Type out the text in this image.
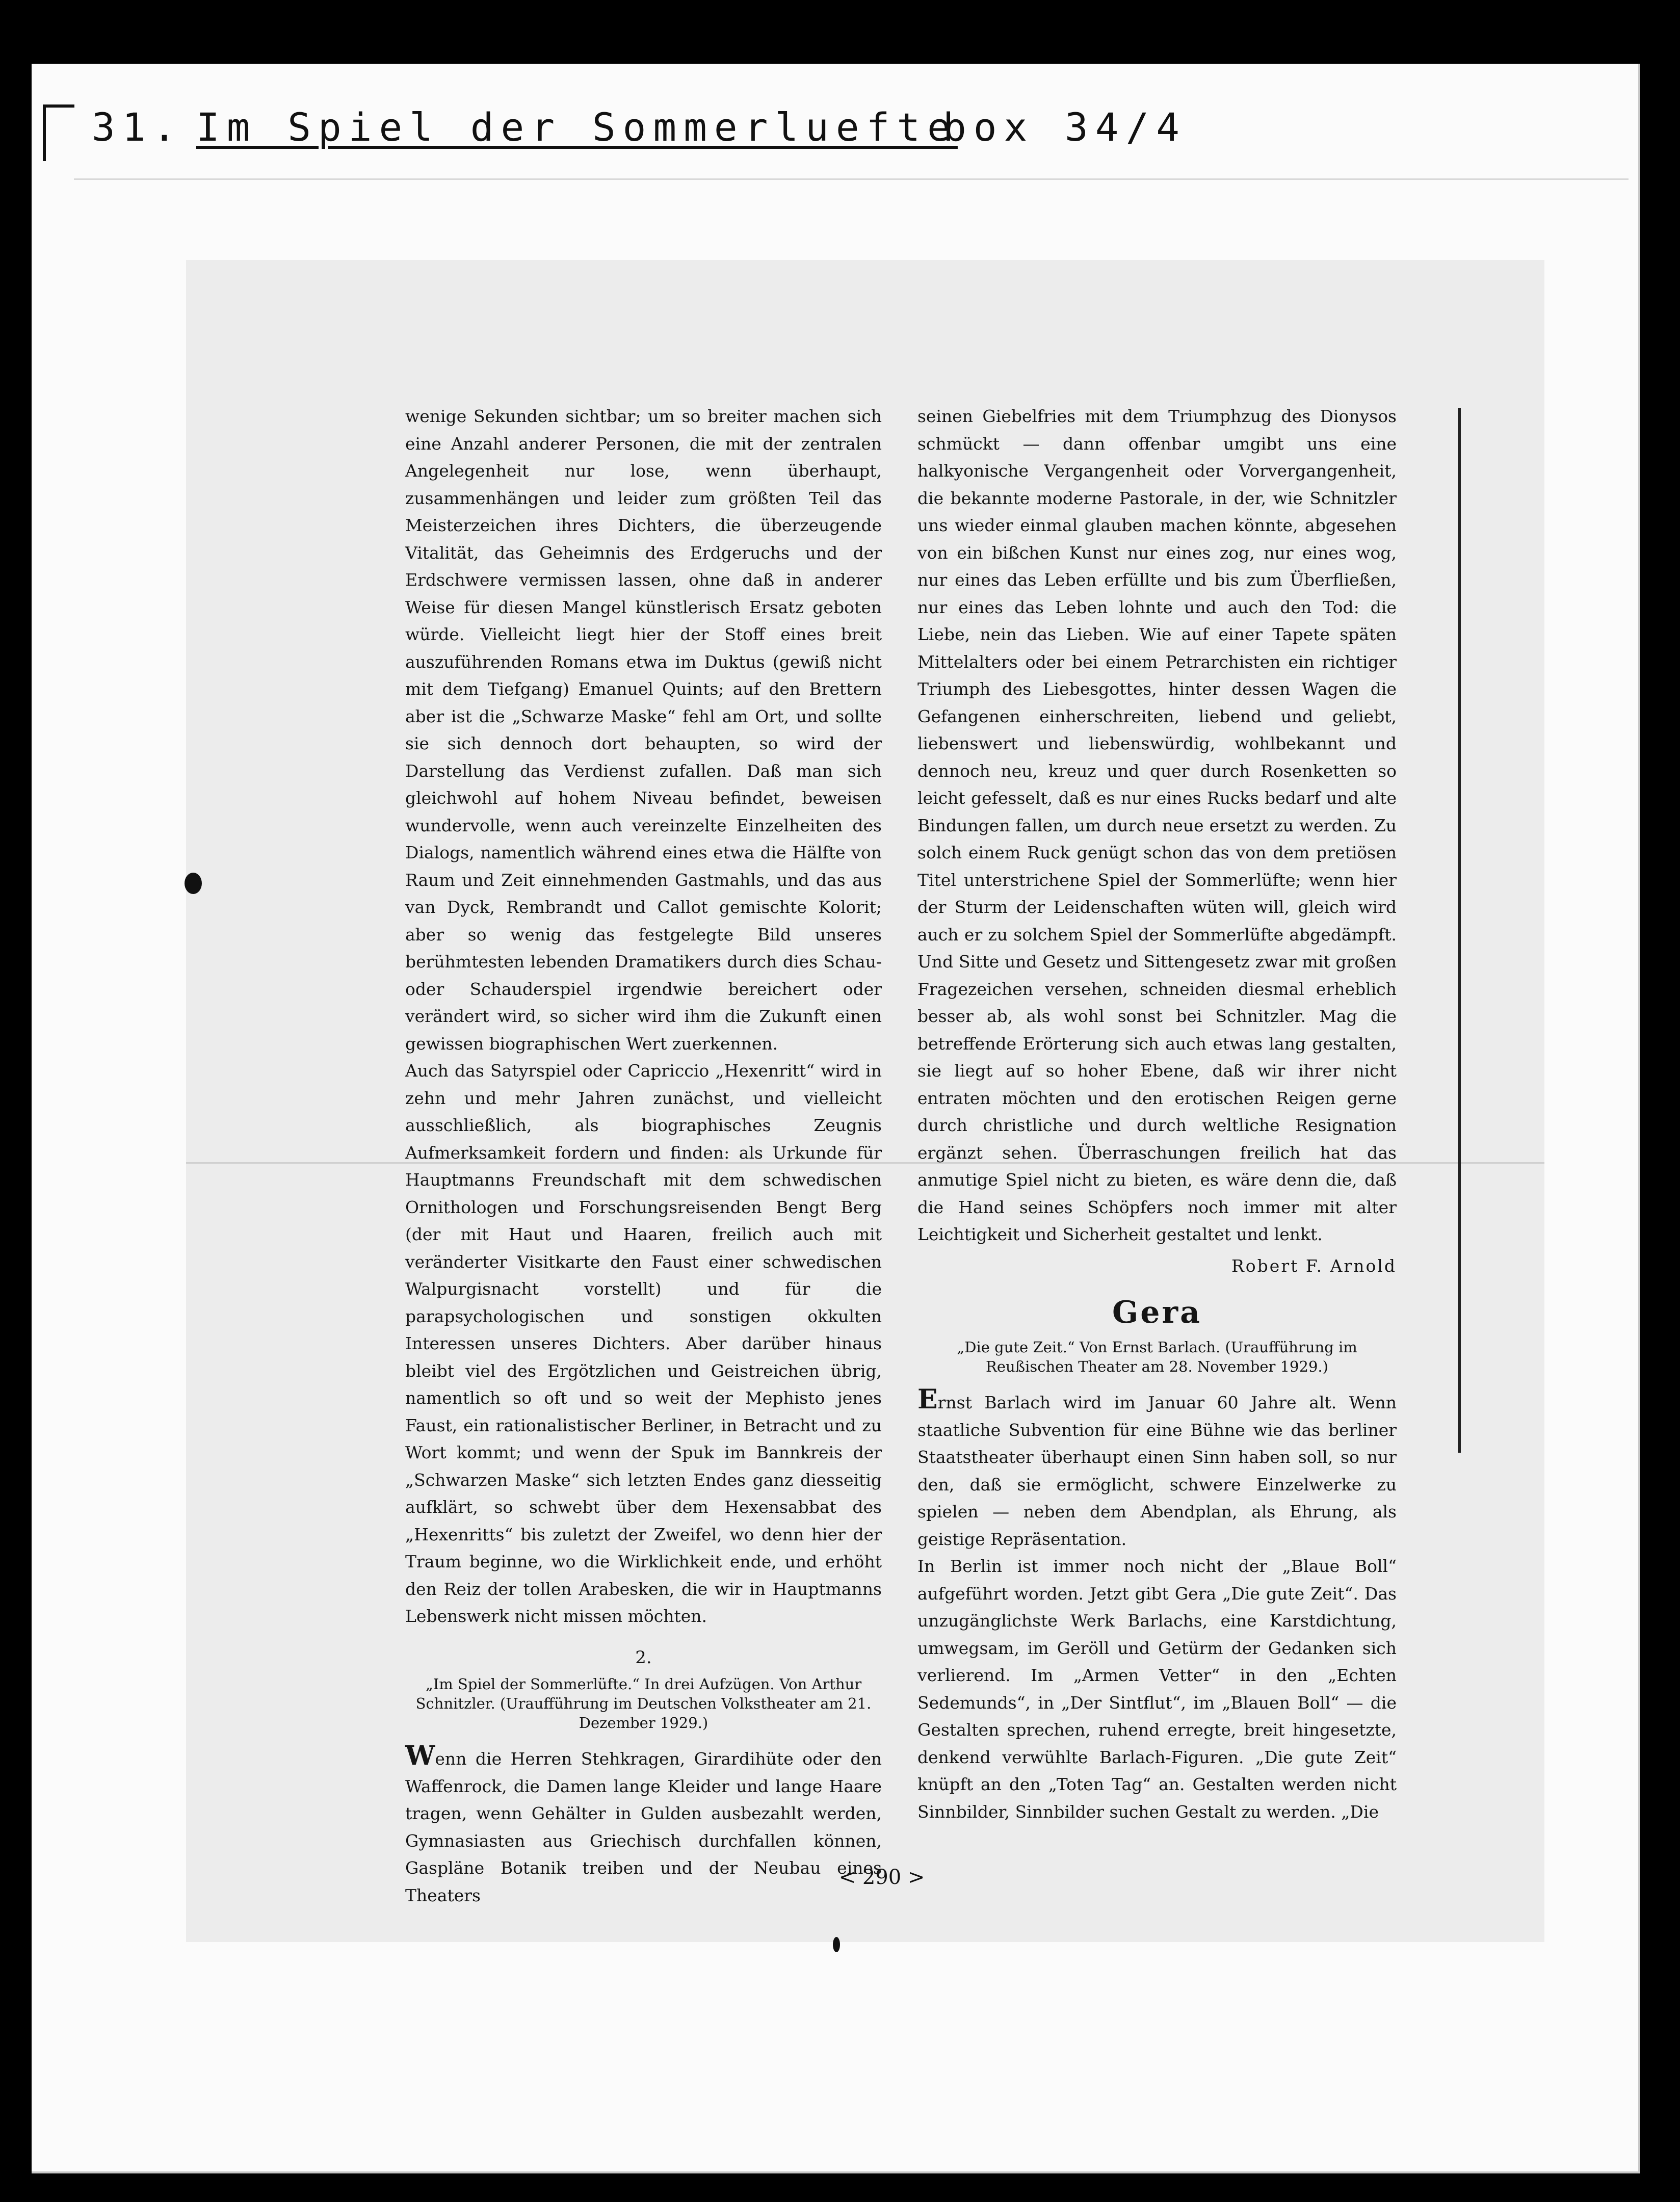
31. Im Spiel der Sommerluefte
box 34/4

wenige Sekunden sichtbar; um so breiter machen sich eine Anzahl anderer Personen, die mit der zentralen Angelegenheit nur lose, wenn überhaupt, zusammenhängen und leider zum größten Teil das Meisterzeichen ihres Dichters, die überzeugende Vitalität, das Geheimnis des Erdgeruchs und der Erdschwere vermissen lassen, ohne daß in anderer Weise für diesen Mangel künstlerisch Ersatz geboten würde. Vielleicht liegt hier der Stoff eines breit auszuführenden Romans etwa im Duktus (gewiß nicht mit dem Tiefgang) Emanuel Quints; auf den Brettern aber ist die „Schwarze Maske“ fehl am Ort, und sollte sie sich dennoch dort behaupten, so wird der Darstellung das Verdienst zufallen. Daß man sich gleichwohl auf hohem Niveau befindet, beweisen wundervolle, wenn auch vereinzelte Einzelheiten des Dialogs, namentlich während eines etwa die Hälfte von Raum und Zeit einnehmenden Gastmahls, und das aus van Dyck, Rembrandt und Callot gemischte Kolorit; aber so wenig das festgelegte Bild unseres berühmtesten lebenden Dramatikers durch dies Schau- oder Schauderspiel irgendwie bereichert oder verändert wird, so sicher wird ihm die Zukunft einen gewissen biographischen Wert zuerkennen.

Auch das Satyrspiel oder Capriccio „Hexenritt“ wird in zehn und mehr Jahren zunächst, und vielleicht ausschließlich, als biographisches Zeugnis Aufmerksamkeit fordern und finden: als Urkunde für Hauptmanns Freundschaft mit dem schwedischen Ornithologen und Forschungsreisenden Bengt Berg (der mit Haut und Haaren, freilich auch mit veränderter Visitkarte den Faust einer schwedischen Walpurgisnacht vorstellt) und für die parapsychologischen und sonstigen okkulten Interessen unseres Dichters. Aber darüber hinaus bleibt viel des Ergötzlichen und Geistreichen übrig, namentlich so oft und so weit der Mephisto jenes Faust, ein rationalistischer Berliner, in Betracht und zu Wort kommt; und wenn der Spuk im Bannkreis der „Schwarzen Maske“ sich letzten Endes ganz diesseitig aufklärt, so schwebt über dem Hexensabbat des „Hexenritts“ bis zuletzt der Zweifel, wo denn hier der Traum beginne, wo die Wirklichkeit ende, und erhöht den Reiz der tollen Arabesken, die wir in Hauptmanns Lebenswerk nicht missen möchten.

2.

„Im Spiel der Sommerlüfte.“ In drei Aufzügen. Von Arthur Schnitzler. (Uraufführung im Deutschen Volkstheater am 21. Dezember 1929.)

Wenn die Herren Stehkragen, Girardihüte oder den Waffenrock, die Damen lange Kleider und lange Haare tragen, wenn Gehälter in Gulden ausbezahlt werden, Gymnasiasten aus Griechisch durchfallen können, Gaspläne Botanik treiben und der Neubau eines Theaters

seinen Giebelfries mit dem Triumphzug des Dionysos schmückt — dann offenbar umgibt uns eine halkyonische Vergangenheit oder Vorvergangenheit, die bekannte moderne Pastorale, in der, wie Schnitzler uns wieder einmal glauben machen könnte, abgesehen von ein bißchen Kunst nur eines zog, nur eines wog, nur eines das Leben erfüllte und bis zum Überfließen, nur eines das Leben lohnte und auch den Tod: die Liebe, nein das Lieben. Wie auf einer Tapete späten Mittelalters oder bei einem Petrarchisten ein richtiger Triumph des Liebesgottes, hinter dessen Wagen die Gefangenen einherschreiten, liebend und geliebt, liebenswert und liebenswürdig, wohlbekannt und dennoch neu, kreuz und quer durch Rosenketten so leicht gefesselt, daß es nur eines Rucks bedarf und alte Bindungen fallen, um durch neue ersetzt zu werden. Zu solch einem Ruck genügt schon das von dem pretiösen Titel unterstrichene Spiel der Sommerlüfte; wenn hier der Sturm der Leidenschaften wüten will, gleich wird auch er zu solchem Spiel der Sommerlüfte abgedämpft. Und Sitte und Gesetz und Sittengesetz zwar mit großen Fragezeichen versehen, schneiden diesmal erheblich besser ab, als wohl sonst bei Schnitzler. Mag die betreffende Erörterung sich auch etwas lang gestalten, sie liegt auf so hoher Ebene, daß wir ihrer nicht entraten möchten und den erotischen Reigen gerne durch christliche und durch weltliche Resignation ergänzt sehen. Überraschungen freilich hat das anmutige Spiel nicht zu bieten, es wäre denn die, daß die Hand seines Schöpfers noch immer mit alter Leichtigkeit und Sicherheit gestaltet und lenkt.

Robert F. Arnold

Gera

„Die gute Zeit.“ Von Ernst Barlach. (Uraufführung im Reußischen Theater am 28. November 1929.)

Ernst Barlach wird im Januar 60 Jahre alt. Wenn staatliche Subvention für eine Bühne wie das berliner Staatstheater überhaupt einen Sinn haben soll, so nur den, daß sie ermöglicht, schwere Einzelwerke zu spielen — neben dem Abendplan, als Ehrung, als geistige Repräsentation.

In Berlin ist immer noch nicht der „Blaue Boll“ aufgeführt worden. Jetzt gibt Gera „Die gute Zeit“. Das unzugänglichste Werk Barlachs, eine Karstdichtung, umwegsam, im Geröll und Getürm der Gedanken sich verlierend. Im „Armen Vetter“ in den „Echten Sedemunds“, in „Der Sintflut“, im „Blauen Boll“ — die Gestalten sprechen, ruhend erregte, breit hingesetzte, denkend verwühlte Barlach-Figuren. „Die gute Zeit“ knüpft an den „Toten Tag“ an. Gestalten werden nicht Sinnbilder, Sinnbilder suchen Gestalt zu werden. „Die

< 290 >
